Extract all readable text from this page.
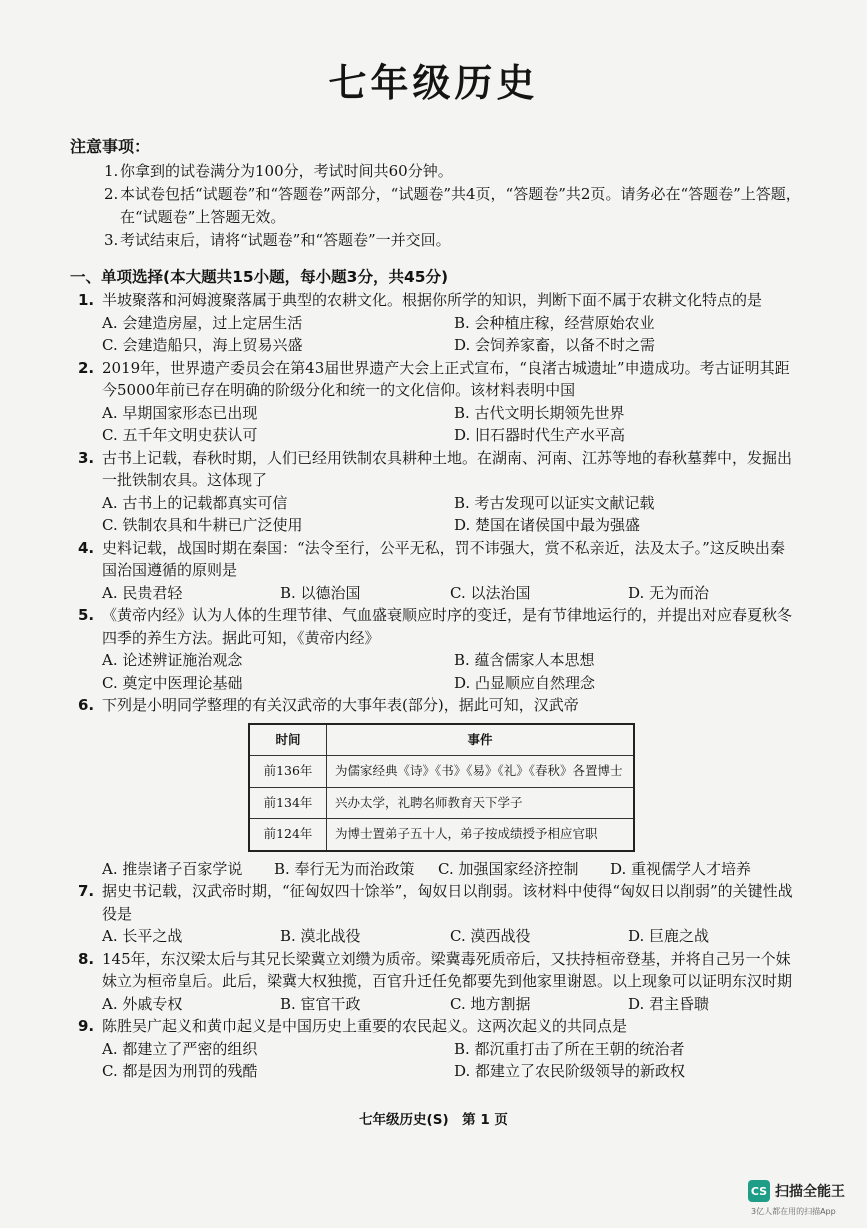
七年级历史
注意事项：
1. 你拿到的试卷满分为100分，考试时间共60分钟。
2. 本试卷包括“试题卷”和“答题卷”两部分，“试题卷”共4页，“答题卷”共2页。请务必在“答题卷”上答题，在“试题卷”上答题无效。
3. 考试结束后，请将“试题卷”和“答题卷”一并交回。
一、单项选择(本大题共15小题，每小题3分，共45分)
1. 半坡聚落和河姆渡聚落属于典型的农耕文化。根据你所学的知识，判断下面不属于农耕文化特点的是
A. 会建造房屋，过上定居生活	B. 会种植庄稼，经营原始农业
C. 会建造船只，海上贸易兴盛	D. 会饲养家畜，以备不时之需
2. 2019年，世界遗产委员会在第43届世界遗产大会上正式宣布，“良渚古城遗址”申遗成功。考古证明其距今5000年前已存在明确的阶级分化和统一的文化信仰。该材料表明中国
A. 早期国家形态已出现	B. 古代文明长期领先世界
C. 五千年文明史获认可	D. 旧石器时代生产水平高
3. 古书上记载，春秋时期，人们已经用铁制农具耕种土地。在湖南、河南、江苏等地的春秋墓葬中，发掘出一批铁制农具。这体现了
A. 古书上的记载都真实可信	B. 考古发现可以证实文献记载
C. 铁制农具和牛耕已广泛使用	D. 楚国在诸侯国中最为强盛
4. 史料记载，战国时期在秦国：“法令至行，公平无私，罚不讳强大，赏不私亲近，法及太子。”这反映出秦国治国遵循的原则是
A. 民贵君轻	B. 以德治国	C. 以法治国	D. 无为而治
5. 《黄帝内经》认为人体的生理节律、气血盛衰顺应时序的变迁，是有节律地运行的，并提出对应春夏秋冬四季的养生方法。据此可知，《黄帝内经》
A. 论述辨证施治观念	B. 蕴含儒家人本思想
C. 奠定中医理论基础	D. 凸显顺应自然理念
6. 下列是小明同学整理的有关汉武帝的大事年表(部分)，据此可知，汉武帝
时间	事件
前136年	为儒家经典《诗》《书》《易》《礼》《春秋》各置博士
前134年	兴办太学，礼聘名师教育天下学子
前124年	为博士置弟子五十人，弟子按成绩授予相应官职
A. 推崇诸子百家学说	B. 奉行无为而治政策	C. 加强国家经济控制	D. 重视儒学人才培养
7. 据史书记载，汉武帝时期，“征匈奴四十馀举”，匈奴日以削弱。该材料中使得“匈奴日以削弱”的关键性战役是
A. 长平之战	B. 漠北战役	C. 漠西战役	D. 巨鹿之战
8. 145年，东汉梁太后与其兄长梁冀立刘缵为质帝。梁冀毒死质帝后，又扶持桓帝登基，并将自己另一个妹妹立为桓帝皇后。此后，梁冀大权独揽，百官升迁任免都要先到他家里谢恩。以上现象可以证明东汉时期
A. 外戚专权	B. 宦官干政	C. 地方割据	D. 君主昏聩
9. 陈胜吴广起义和黄巾起义是中国历史上重要的农民起义。这两次起义的共同点是
A. 都建立了严密的组织	B. 都沉重打击了所在王朝的统治者
C. 都是因为刑罚的残酷	D. 都建立了农民阶级领导的新政权
七年级历史(S)　第 1 页
CS 扫描全能王
3亿人都在用的扫描App
